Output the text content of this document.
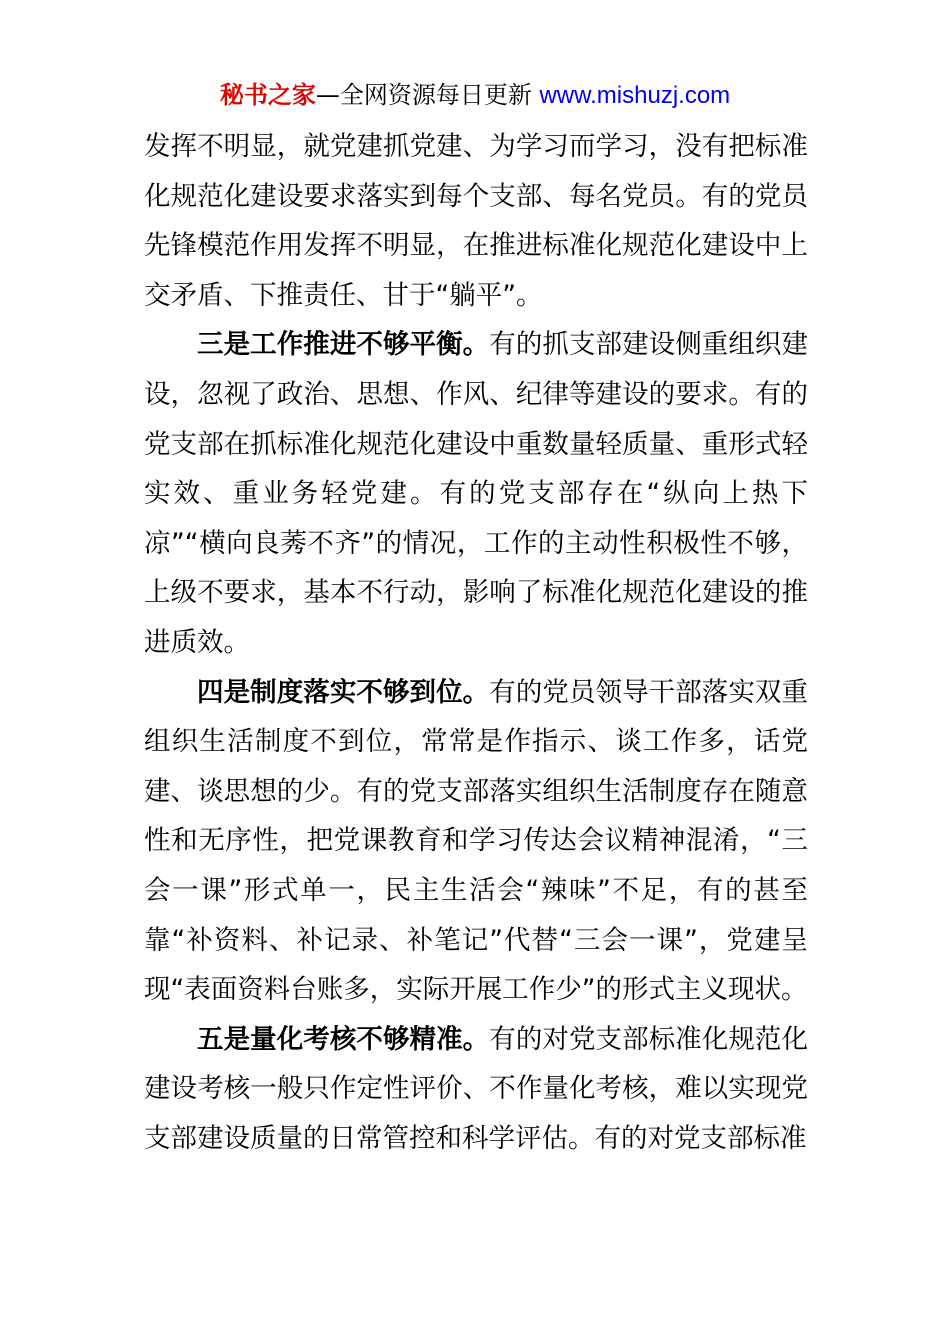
秘书之家—全网资源每日更新 www.mishuzj.com

发挥不明显，就党建抓党建、为学习而学习，没有把标准化规范化建设要求落实到每个支部、每名党员。有的党员先锋模范作用发挥不明显，在推进标准化规范化建设中上交矛盾、下推责任、甘于“躺平”。

三是工作推进不够平衡。有的抓支部建设侧重组织建设，忽视了政治、思想、作风、纪律等建设的要求。有的党支部在抓标准化规范化建设中重数量轻质量、重形式轻实效、重业务轻党建。有的党支部存在“纵向上热下凉”“横向良莠不齐”的情况，工作的主动性积极性不够，上级不要求，基本不行动，影响了标准化规范化建设的推进质效。

四是制度落实不够到位。有的党员领导干部落实双重组织生活制度不到位，常常是作指示、谈工作多，话党建、谈思想的少。有的党支部落实组织生活制度存在随意性和无序性，把党课教育和学习传达会议精神混淆，“三会一课”形式单一，民主生活会“辣味”不足，有的甚至靠“补资料、补记录、补笔记”代替“三会一课”，党建呈现“表面资料台账多，实际开展工作少”的形式主义现状。

五是量化考核不够精准。有的对党支部标准化规范化建设考核一般只作定性评价、不作量化考核，难以实现党支部建设质量的日常管控和科学评估。有的对党支部标准
